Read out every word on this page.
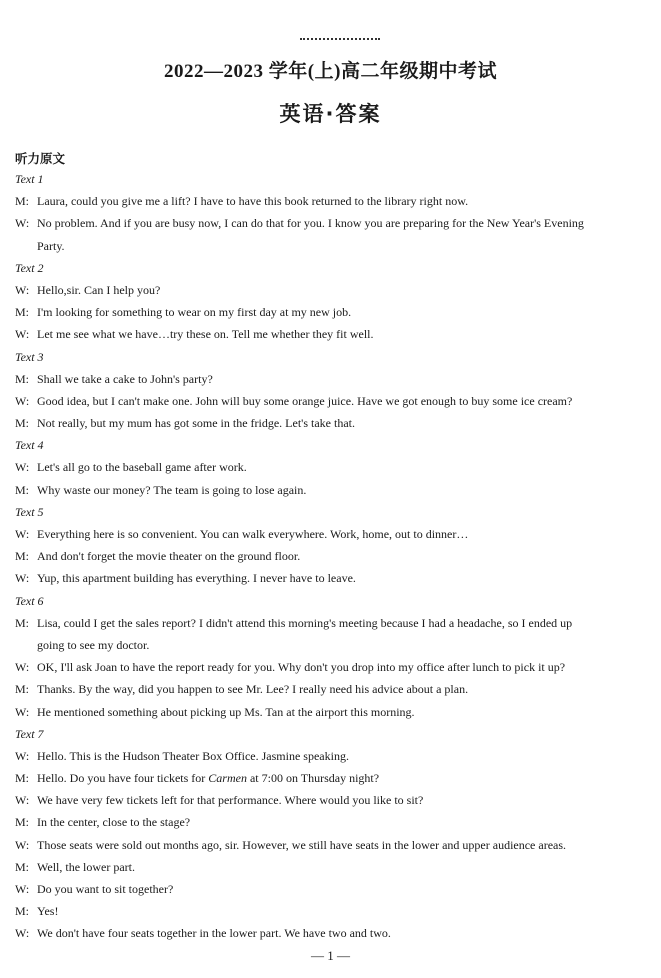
2022—2023 学年(上)高二年级期中考试
英语·答案
听力原文
Text 1
M: Laura, could you give me a lift? I have to have this book returned to the library right now.
W: No problem. And if you are busy now, I can do that for you. I know you are preparing for the New Year's Evening
Party.
Text 2
W: Hello,sir. Can I help you?
M: I'm looking for something to wear on my first day at my new job.
W: Let me see what we have…try these on. Tell me whether they fit well.
Text 3
M: Shall we take a cake to John's party?
W: Good idea, but I can't make one. John will buy some orange juice. Have we got enough to buy some ice cream?
M: Not really, but my mum has got some in the fridge. Let's take that.
Text 4
W: Let's all go to the baseball game after work.
M: Why waste our money? The team is going to lose again.
Text 5
W: Everything here is so convenient. You can walk everywhere. Work, home, out to dinner…
M: And don't forget the movie theater on the ground floor.
W: Yup, this apartment building has everything. I never have to leave.
Text 6
M: Lisa, could I get the sales report? I didn't attend this morning's meeting because I had a headache, so I ended up
going to see my doctor.
W: OK, I'll ask Joan to have the report ready for you. Why don't you drop into my office after lunch to pick it up?
M: Thanks. By the way, did you happen to see Mr. Lee? I really need his advice about a plan.
W: He mentioned something about picking up Ms. Tan at the airport this morning.
Text 7
W: Hello. This is the Hudson Theater Box Office. Jasmine speaking.
M: Hello. Do you have four tickets for Carmen at 7:00 on Thursday night?
W: We have very few tickets left for that performance. Where would you like to sit?
M: In the center, close to the stage?
W: Those seats were sold out months ago, sir. However, we still have seats in the lower and upper audience areas.
M: Well, the lower part.
W: Do you want to sit together?
M: Yes!
W: We don't have four seats together in the lower part. We have two and two.
— 1 —
